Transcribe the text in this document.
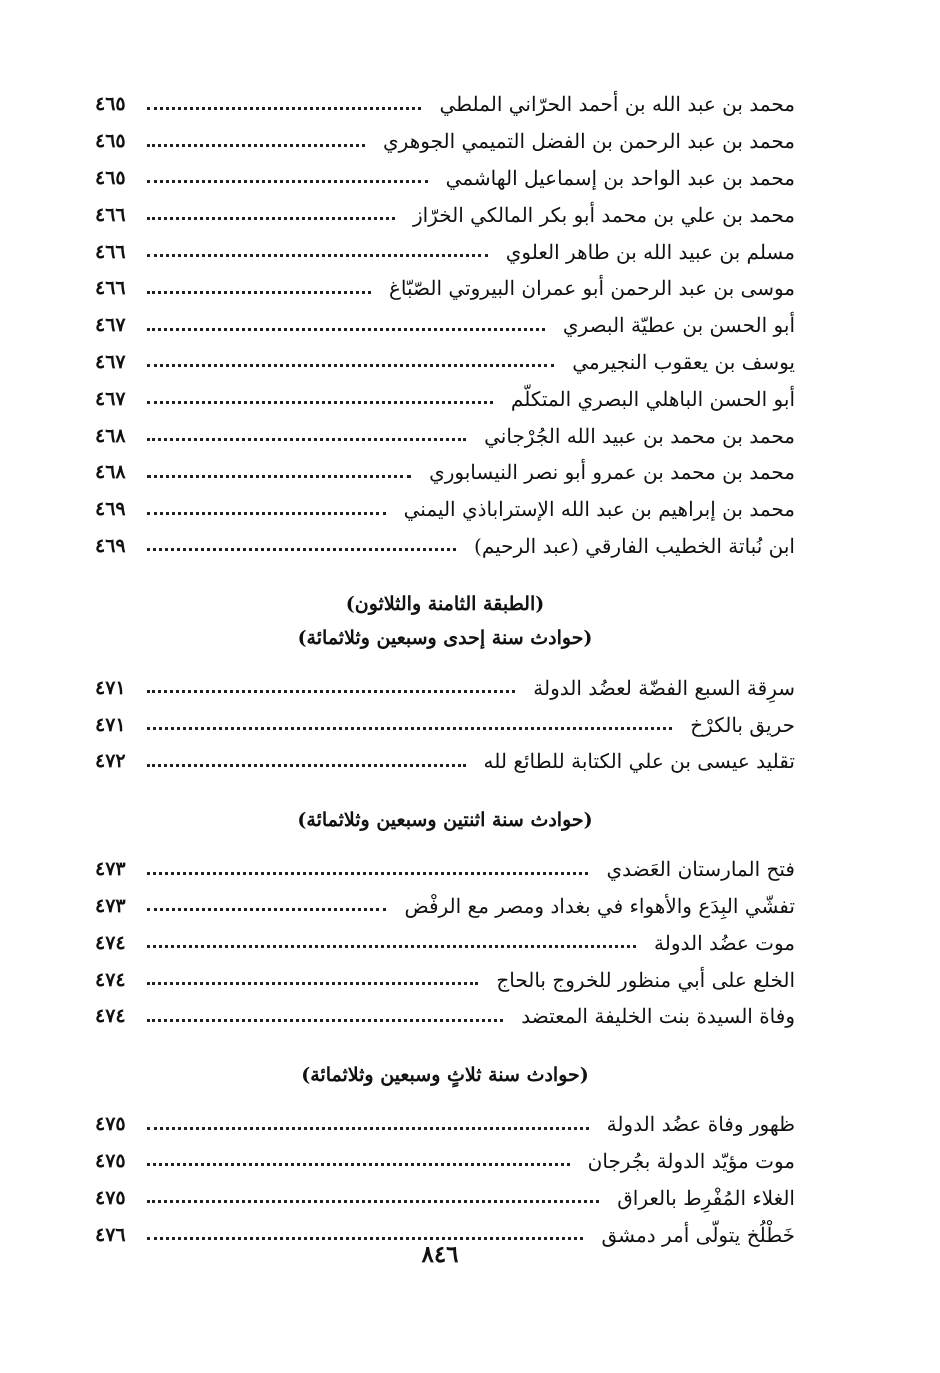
محمد بن عبد الله بن أحمد الحرّاني الملطي
٤٦٥
محمد بن عبد الرحمن بن الفضل التميمي الجوهري
٤٦٥
محمد بن عبد الواحد بن إسماعيل الهاشمي
٤٦٥
محمد بن علي بن محمد أبو بكر المالكي الخرّاز
٤٦٦
مسلم بن عبيد الله بن طاهر العلوي
٤٦٦
موسى بن عبد الرحمن أبو عمران البيروتي الصّبّاغ
٤٦٦
أبو الحسن بن عطيّة البصري
٤٦٧
يوسف بن يعقوب النجيرمي
٤٦٧
أبو الحسن الباهلي البصري المتكلّم
٤٦٧
محمد بن محمد بن عبيد الله الجُرْجاني
٤٦٨
محمد بن محمد بن عمرو أبو نصر النيسابوري
٤٦٨
محمد بن إبراهيم بن عبد الله الإستراباذي اليمني
٤٦٩
ابن نُباتة الخطيب الفارقي (عبد الرحيم)
٤٦٩
(الطبقة الثامنة والثلاثون)
(حوادث سنة إحدى وسبعين وثلاثمائة)
سرِقة السبع الفضّة لعضُد الدولة
٤٧١
حريق بالكرْخ
٤٧١
تقليد عيسى بن علي الكتابة للطائع لله
٤٧٢
(حوادث سنة اثنتين وسبعين وثلاثمائة)
فتح المارستان العَضدي
٤٧٣
تفشّي البِدَع والأهواء في بغداد ومصر مع الرفْض
٤٧٣
موت عضُد الدولة
٤٧٤
الخلع على أبي منظور للخروج بالحاج
٤٧٤
وفاة السيدة بنت الخليفة المعتضد
٤٧٤
(حوادث سنة ثلاثٍ وسبعين وثلاثمائة)
ظهور وفاة عضُد الدولة
٤٧٥
موت مؤيّد الدولة بجُرجان
٤٧٥
الغلاء المُفْرِط بالعراق
٤٧٥
خَطْلُخ يتولّى أمر دمشق
٤٧٦
٨٤٦
